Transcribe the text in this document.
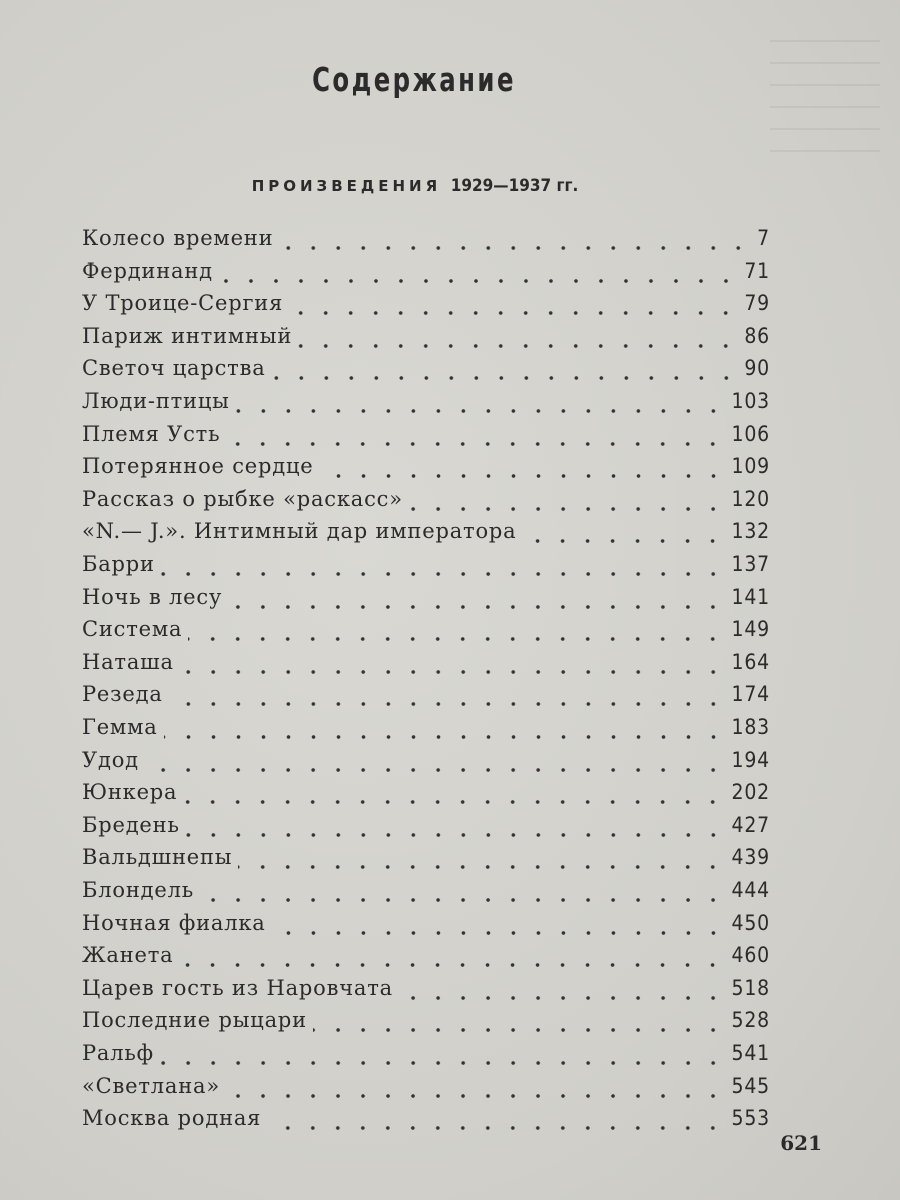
Содержание
ПРОИЗВЕДЕНИЯ 1929—1937 гг.
Колесо времени	7
Фердинанд	71
У Троице-Сергия	79
Париж интимный	86
Светоч царства	90
Люди-птицы	103
Племя Усть	106
Потерянное сердце	109
Рассказ о рыбке «раскасс»	120
«N.— J.». Интимный дар императора	132
Барри	137
Ночь в лесу	141
Система	149
Наташа	164
Резеда	174
Гемма	183
Удод	194
Юнкера	202
Бредень	427
Вальдшнепы	439
Блондель	444
Ночная фиалка	450
Жанета	460
Царев гость из Наровчата	518
Последние рыцари	528
Ральф	541
«Светлана»	545
Москва родная	553
621
